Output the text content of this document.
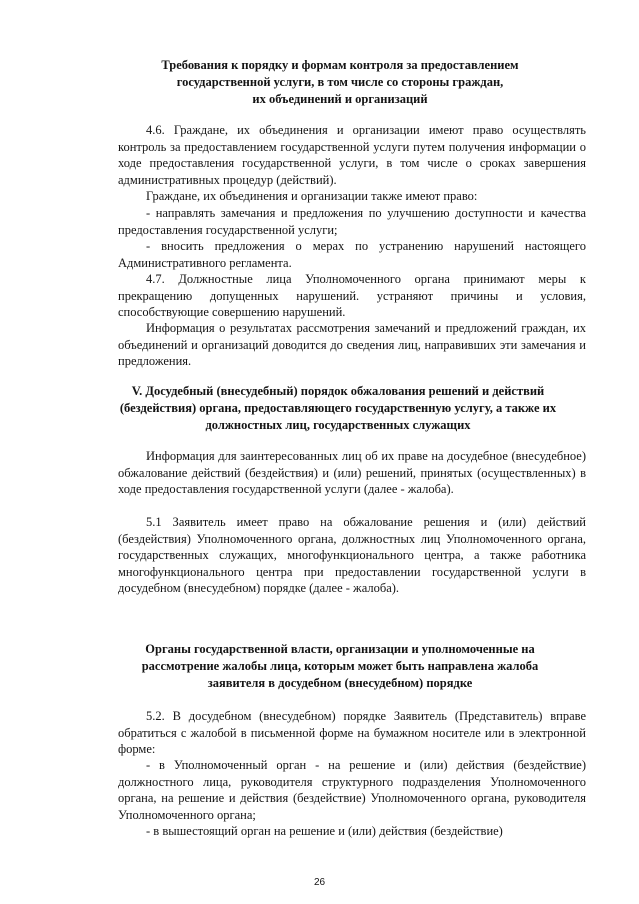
Требования к порядку и формам контроля за предоставлением
государственной услуги, в том числе со стороны граждан,
их объединений и организаций

4.6. Граждане, их объединения и организации имеют право осуществлять контроль за предоставлением государственной услуги путем получения информации о ходе предоставления государственной услуги, в том числе о сроках завершения административных процедур (действий).

Граждане, их объединения и организации также имеют право:

- направлять замечания и предложения по улучшению доступности и качества предоставления государственной услуги;

- вносить предложения о мерах по устранению нарушений настоящего Административного регламента.

4.7. Должностные лица Уполномоченного органа принимают меры к прекращению допущенных нарушений. устраняют причины и условия, способствующие совершению нарушений.

Информация о результатах рассмотрения замечаний и предложений граждан, их объединений и организаций доводится до сведения лиц, направивших эти замечания и предложения.

V. Досудебный (внесудебный) порядок обжалования решений и действий
(бездействия) органа, предоставляющего государственную услугу, а также их
должностных лиц, государственных служащих

Информация для заинтересованных лиц об их праве на досудебное (внесудебное) обжалование действий (бездействия) и (или) решений, принятых (осуществленных) в ходе предоставления государственной услуги (далее - жалоба).

5.1 Заявитель имеет право на обжалование решения и (или) действий (бездействия) Уполномоченного органа, должностных лиц Уполномоченного органа, государственных служащих, многофункционального центра, а также работника многофункционального центра при предоставлении государственной услуги в досудебном (внесудебном) порядке (далее - жалоба).

Органы государственной власти, организации и уполномоченные на
рассмотрение жалобы лица, которым может быть направлена жалоба
заявителя в досудебном (внесудебном) порядке

5.2. В досудебном (внесудебном) порядке Заявитель (Представитель) вправе обратиться с жалобой в письменной форме на бумажном носителе или в электронной форме:

- в Уполномоченный орган - на решение и (или) действия (бездействие) должностного лица, руководителя структурного подразделения Уполномоченного органа, на решение и действия (бездействие) Уполномоченного органа, руководителя Уполномоченного органа;

- в вышестоящий орган на решение и (или) действия (бездействие)

26
